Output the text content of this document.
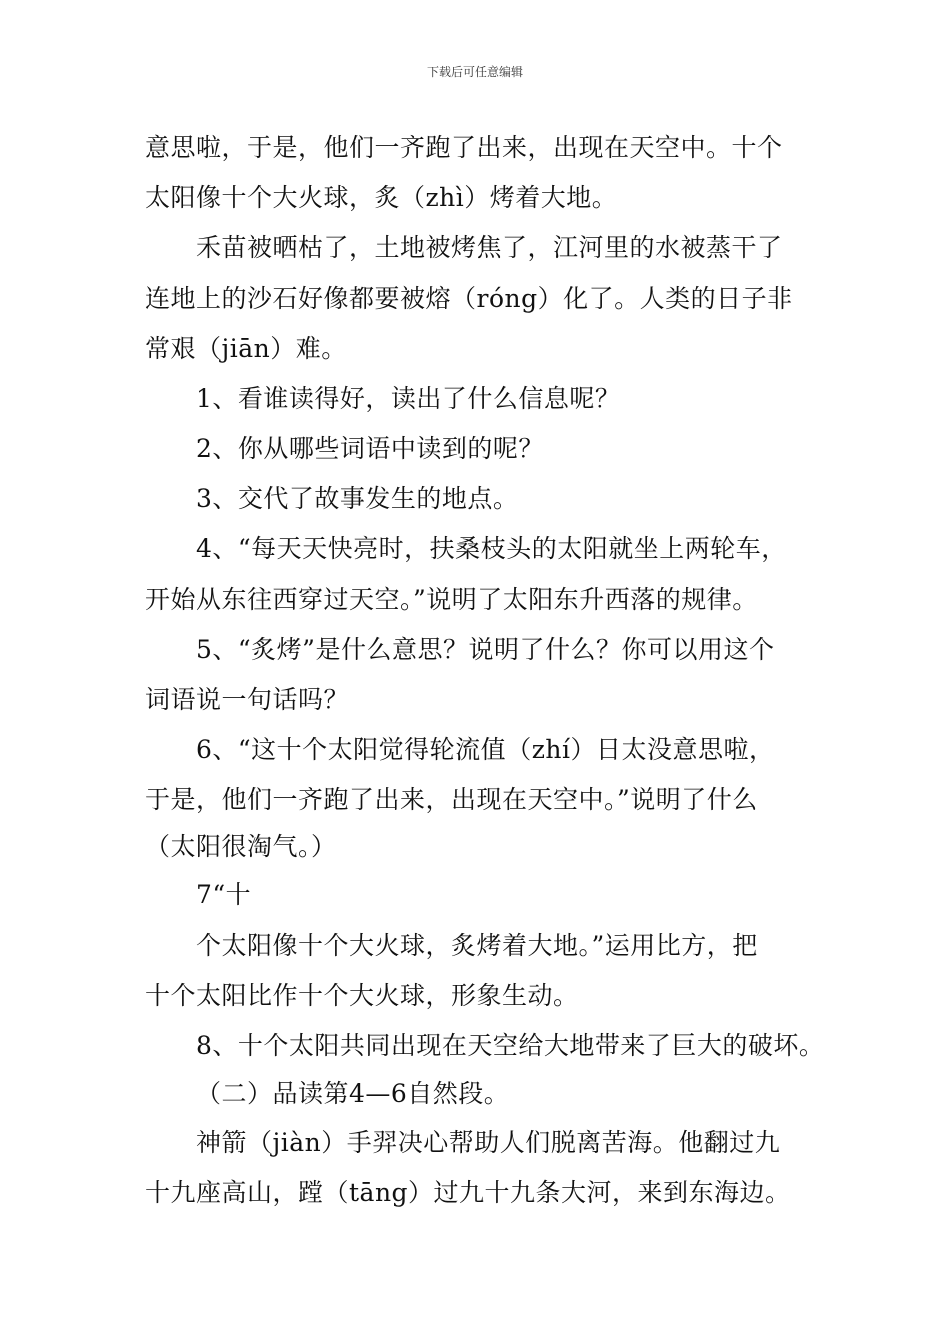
下载后可任意编辑
意思啦，于是，他们一齐跑了出来，出现在天空中。十个
太阳像十个大火球，炙（zhì）烤着大地。
禾苗被晒枯了，土地被烤焦了，江河里的水被蒸干了
连地上的沙石好像都要被熔（róng）化了。人类的日子非
常艰（jiān）难。
1、看谁读得好，读出了什么信息呢？
2、你从哪些词语中读到的呢？
3、交代了故事发生的地点。
4、“每天天快亮时，扶桑枝头的太阳就坐上两轮车，
开始从东往西穿过天空。”说明了太阳东升西落的规律。
5、“炙烤”是什么意思？说明了什么？你可以用这个
词语说一句话吗？
6、“这十个太阳觉得轮流值（zhí）日太没意思啦，
于是，他们一齐跑了出来，出现在天空中。”说明了什么
（太阳很淘气。）
7“十
个太阳像十个大火球，炙烤着大地。”运用比方，把
十个太阳比作十个大火球，形象生动。
8、十个太阳共同出现在天空给大地带来了巨大的破坏。
（二）品读第4—6自然段。
神箭（jiàn）手羿决心帮助人们脱离苦海。他翻过九
十九座高山，蹚（tāng）过九十九条大河，来到东海边。
